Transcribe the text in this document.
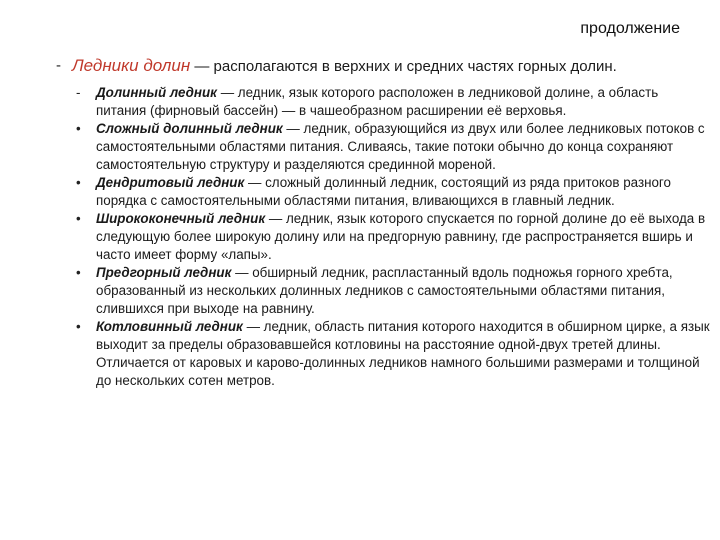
продолжение
- Ледники долин — располагаются в верхних и средних частях горных долин.
-	Долинный ледник — ледник, язык которого расположен в ледниковой долине, а область питания (фирновый бассейн) — в чашеобразном расширении её верховья.
•	Сложный долинный ледник — ледник, образующийся из двух или более ледниковых потоков с самостоятельными областями питания. Сливаясь, такие потоки обычно до конца сохраняют самостоятельную структуру и разделяются срединной мореной.
•	Дендритовый ледник — сложный долинный ледник, состоящий из ряда притоков разного порядка с самостоятельными областями питания, вливающихся в главный ледник.
•	Ширококонечный ледник — ледник, язык которого спускается по горной долине до её выхода в следующую более широкую долину или на предгорную равнину, где распространяется вширь и часто имеет форму «лапы».
•	Предгорный ледник — обширный ледник, распластанный вдоль подножья горного хребта, образованный из нескольких долинных ледников с самостоятельными областями питания, слившихся при выходе на равнину.
•	Котловинный ледник — ледник, область питания которого находится в обширном цирке, а язык выходит за пределы образовавшейся котловины на расстояние одной-двух третей длины. Отличается от каровых и карово-долинных ледников намного большими размерами и толщиной до нескольких сотен метров.
